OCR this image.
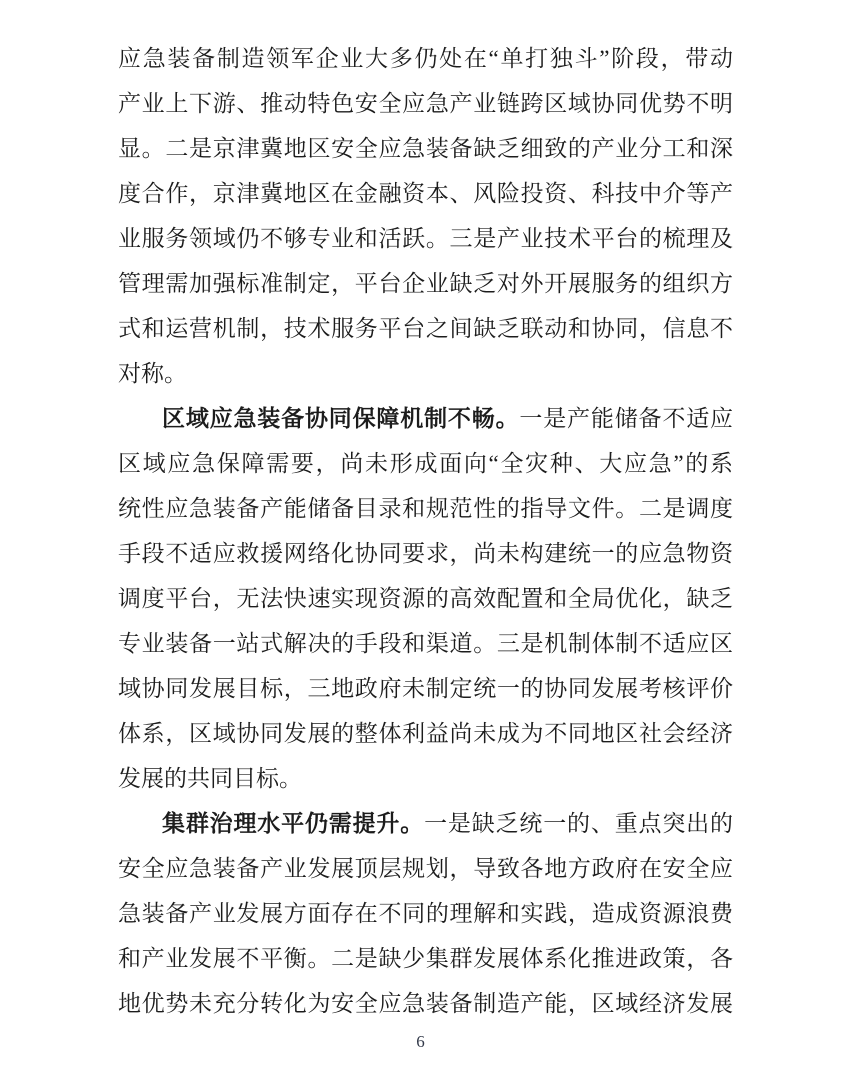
应急装备制造领军企业大多仍处在“单打独斗”阶段，带动
产业上下游、推动特色安全应急产业链跨区域协同优势不明
显。二是京津冀地区安全应急装备缺乏细致的产业分工和深
度合作，京津冀地区在金融资本、风险投资、科技中介等产
业服务领域仍不够专业和活跃。三是产业技术平台的梳理及
管理需加强标准制定，平台企业缺乏对外开展服务的组织方
式和运营机制，技术服务平台之间缺乏联动和协同，信息不
对称。
区域应急装备协同保障机制不畅。一是产能储备不适应
区域应急保障需要，尚未形成面向“全灾种、大应急”的系
统性应急装备产能储备目录和规范性的指导文件。二是调度
手段不适应救援网络化协同要求，尚未构建统一的应急物资
调度平台，无法快速实现资源的高效配置和全局优化，缺乏
专业装备一站式解决的手段和渠道。三是机制体制不适应区
域协同发展目标，三地政府未制定统一的协同发展考核评价
体系，区域协同发展的整体利益尚未成为不同地区社会经济
发展的共同目标。
集群治理水平仍需提升。一是缺乏统一的、重点突出的
安全应急装备产业发展顶层规划，导致各地方政府在安全应
急装备产业发展方面存在不同的理解和实践，造成资源浪费
和产业发展不平衡。二是缺少集群发展体系化推进政策，各
地优势未充分转化为安全应急装备制造产能，区域经济发展
6
